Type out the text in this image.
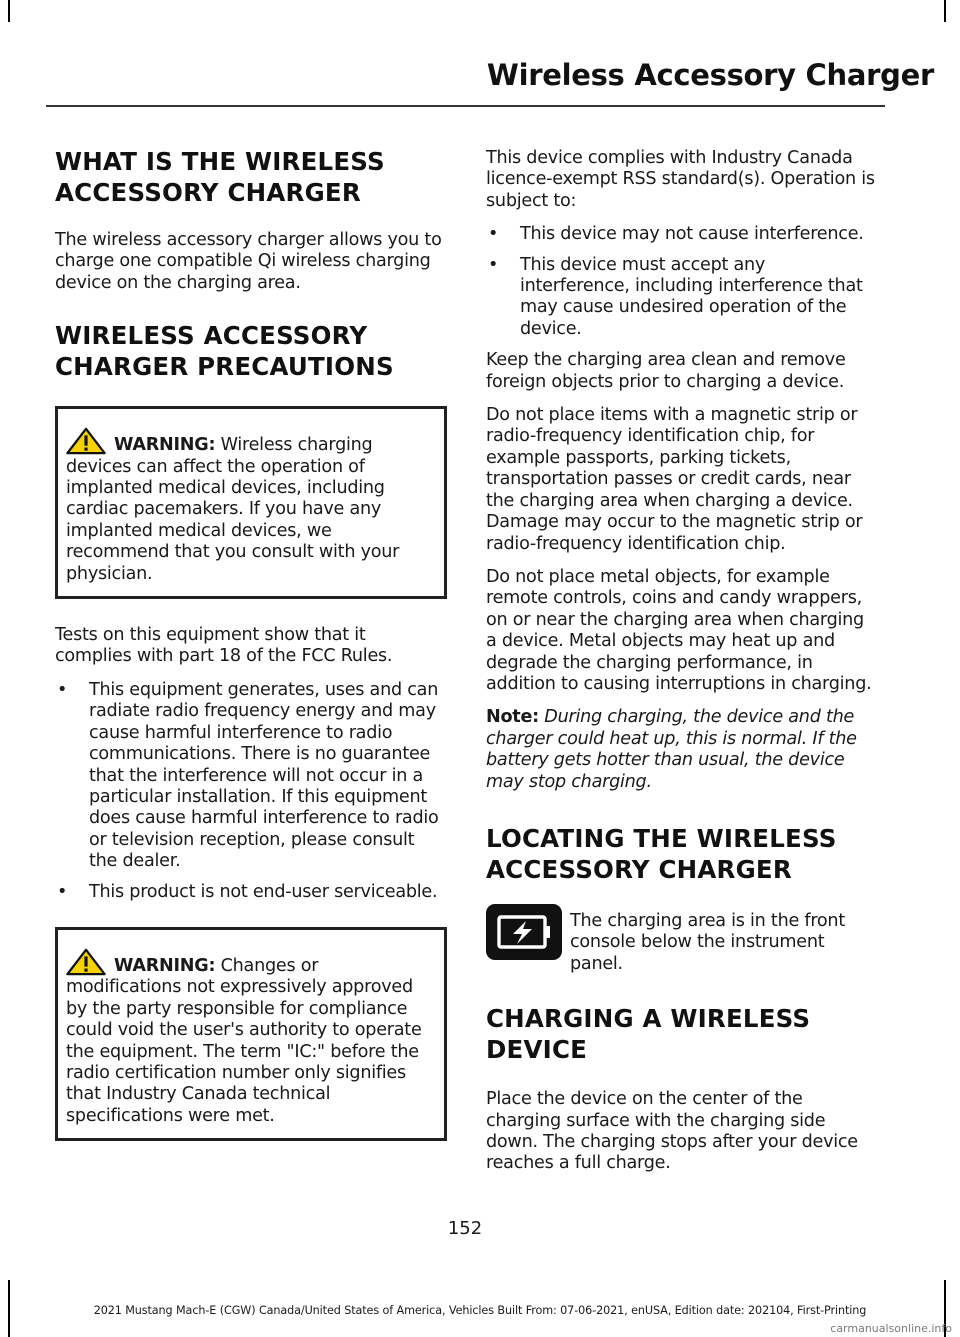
Wireless Accessory Charger
WHAT IS THE WIRELESS ACCESSORY CHARGER

The wireless accessory charger allows you to charge one compatible Qi wireless charging device on the charging area.

WIRELESS ACCESSORY CHARGER PRECAUTIONS
WARNING: Wireless charging devices can affect the operation of implanted medical devices, including cardiac pacemakers. If you have any implanted medical devices, we recommend that you consult with your physician.

Tests on this equipment show that it complies with part 18 of the FCC Rules.

• This equipment generates, uses and can radiate radio frequency energy and may cause harmful interference to radio communications. There is no guarantee that the interference will not occur in a particular installation. If this equipment does cause harmful interference to radio or television reception, please consult the dealer.
• This product is not end-user serviceable.
WARNING: Changes or modifications not expressively approved by the party responsible for compliance could void the user's authority to operate the equipment. The term "IC:" before the radio certification number only signifies that Industry Canada technical specifications were met.

This device complies with Industry Canada licence-exempt RSS standard(s). Operation is subject to:

• This device may not cause interference.
• This device must accept any interference, including interference that may cause undesired operation of the device.

Keep the charging area clean and remove foreign objects prior to charging a device.

Do not place items with a magnetic strip or radio-frequency identification chip, for example passports, parking tickets, transportation passes or credit cards, near the charging area when charging a device. Damage may occur to the magnetic strip or radio-frequency identification chip.

Do not place metal objects, for example remote controls, coins and candy wrappers, on or near the charging area when charging a device. Metal objects may heat up and degrade the charging performance, in addition to causing interruptions in charging.

Note: During charging, the device and the charger could heat up, this is normal. If the battery gets hotter than usual, the device may stop charging.

LOCATING THE WIRELESS ACCESSORY CHARGER

The charging area is in the front console below the instrument panel.

CHARGING A WIRELESS DEVICE

Place the device on the center of the charging surface with the charging side down. The charging stops after your device reaches a full charge.

152
2021 Mustang Mach-E (CGW) Canada/United States of America, Vehicles Built From: 07-06-2021, enUSA, Edition date: 202104, First-Printing
carmanualsonline.info
